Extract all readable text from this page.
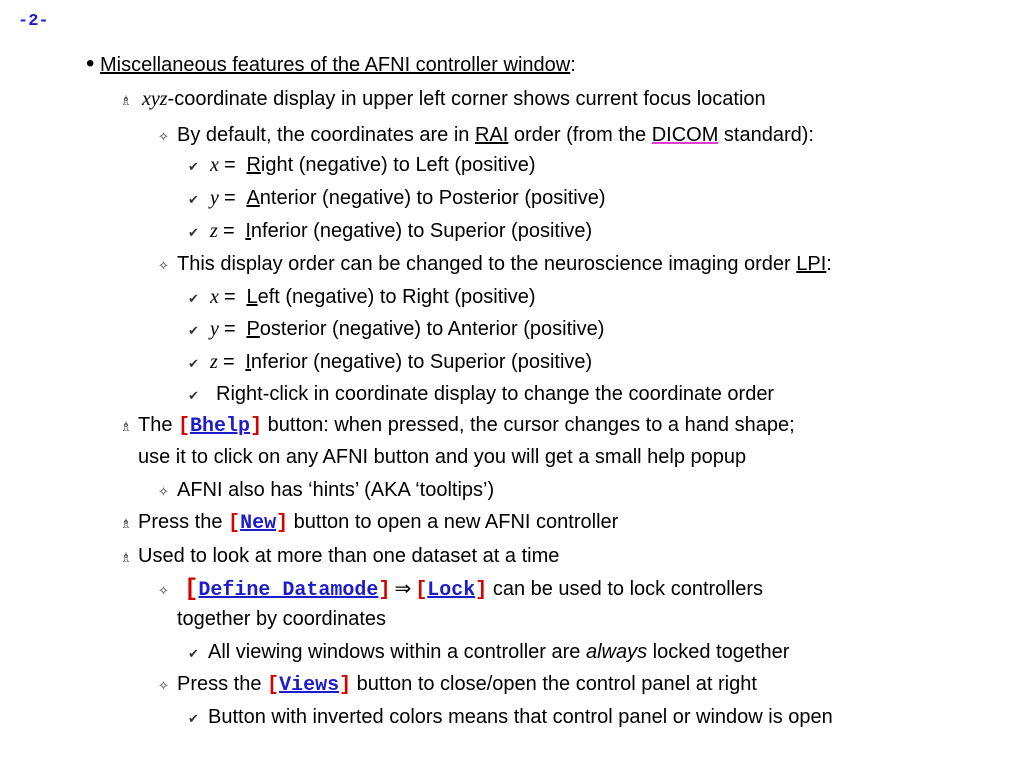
-2-
• Miscellaneous features of the AFNI controller window:
♗ xyz-coordinate display in upper left corner shows current focus location
✧ By default, the coordinates are in RAI order (from the DICOM standard):
✔ x = Right (negative) to Left (positive)
✔ y = Anterior (negative) to Posterior (positive)
✔ z = Inferior (negative) to Superior (positive)
✧ This display order can be changed to the neuroscience imaging order LPI:
✔ x = Left (negative) to Right (positive)
✔ y = Posterior (negative) to Anterior (positive)
✔ z = Inferior (negative) to Superior (positive)
✔ Right-click in coordinate display to change the coordinate order
♗ The [Bhelp] button: when pressed, the cursor changes to a hand shape;
use it to click on any AFNI button and you will get a small help popup
✧ AFNI also has ‘hints’ (AKA ‘tooltips’)
♗ Press the [New] button to open a new AFNI controller
♗ Used to look at more than one dataset at a time
✧ [Define Datamode] ⇒ [Lock] can be used to lock controllers
together by coordinates
✔ All viewing windows within a controller are always locked together
✧ Press the [Views] button to close/open the control panel at right
✔ Button with inverted colors means that control panel or window is open
